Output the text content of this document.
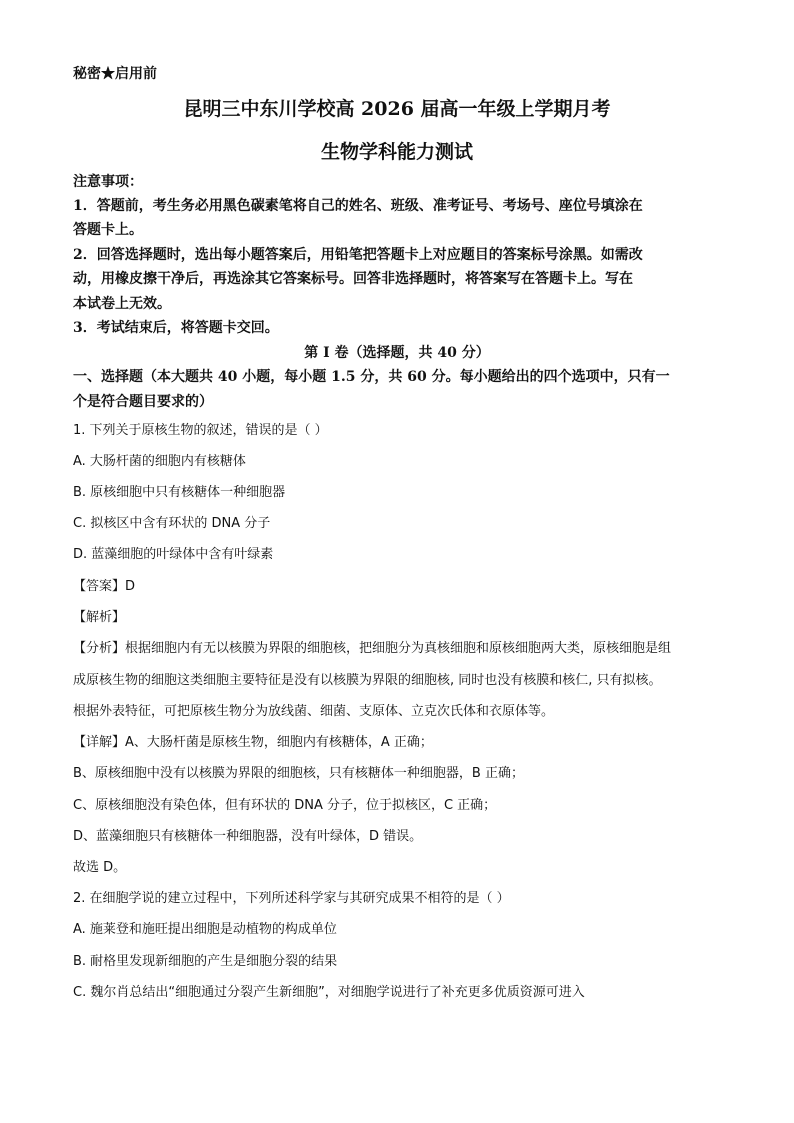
秘密★启用前
昆明三中东川学校高 2026 届高一年级上学期月考
生物学科能力测试
注意事项：
1．答题前，考生务必用黑色碳素笔将自己的姓名、班级、准考证号、考场号、座位号填涂在
答题卡上。
2．回答选择题时，选出每小题答案后，用铅笔把答题卡上对应题目的答案标号涂黑。如需改
动，用橡皮擦干净后，再选涂其它答案标号。回答非选择题时，将答案写在答题卡上。写在
本试卷上无效。
3．考试结束后，将答题卡交回。
第 I 卷（选择题，共 40 分）
一、选择题（本大题共 40 小题，每小题 1.5 分，共 60 分。每小题给出的四个选项中，只有一
个是符合题目要求的）
1. 下列关于原核生物的叙述，错误的是（ ）
A. 大肠杆菌的细胞内有核糖体
B. 原核细胞中只有核糖体一种细胞器
C. 拟核区中含有环状的 DNA 分子
D. 蓝藻细胞的叶绿体中含有叶绿素
【答案】D
【解析】
【分析】根据细胞内有无以核膜为界限的细胞核，把细胞分为真核细胞和原核细胞两大类，原核细胞是组
成原核生物的细胞这类细胞主要特征是没有以核膜为界限的细胞核, 同时也没有核膜和核仁, 只有拟核。
根据外表特征，可把原核生物分为放线菌、细菌、支原体、立克次氏体和衣原体等。
【详解】A、大肠杆菌是原核生物，细胞内有核糖体，A 正确；
B、原核细胞中没有以核膜为界限的细胞核，只有核糖体一种细胞器，B 正确；
C、原核细胞没有染色体，但有环状的 DNA 分子，位于拟核区，C 正确；
D、蓝藻细胞只有核糖体一种细胞器，没有叶绿体，D 错误。
故选 D。
2. 在细胞学说的建立过程中，下列所述科学家与其研究成果不相符的是（ ）
A. 施莱登和施旺提出细胞是动植物的构成单位
B. 耐格里发现新细胞的产生是细胞分裂的结果
C. 魏尔肖总结出“细胞通过分裂产生新细胞”，对细胞学说进行了补充更多优质资源可进入
